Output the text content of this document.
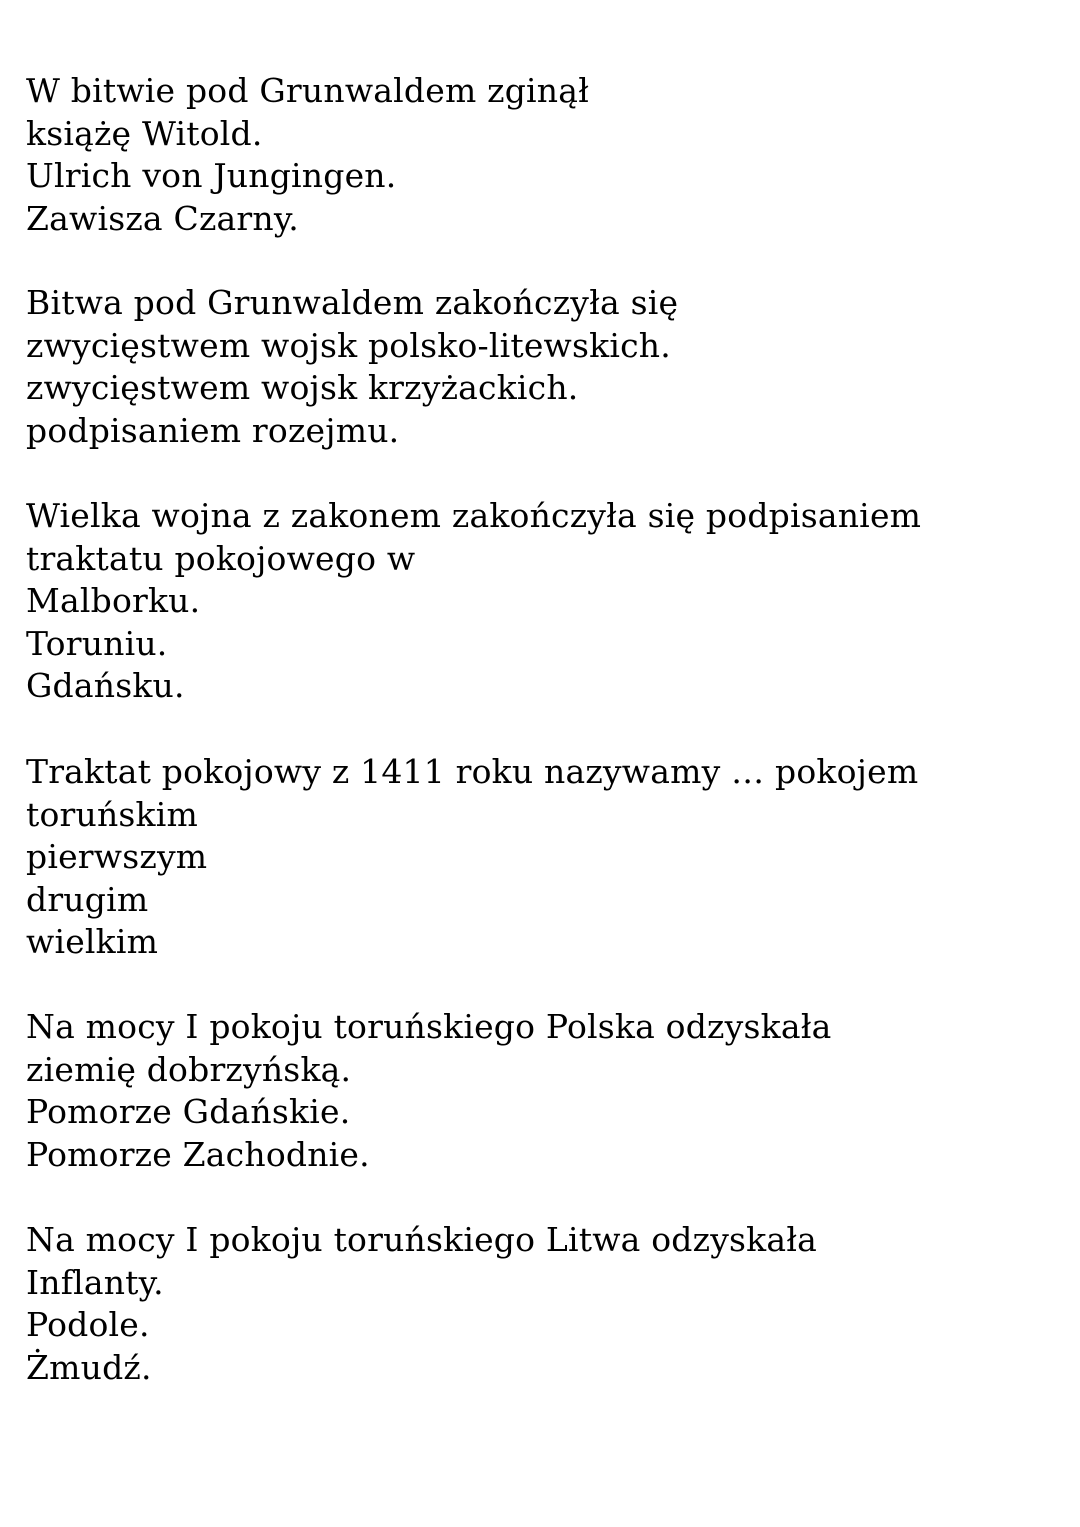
W bitwie pod Grunwaldem zginął
książę Witold.
Ulrich von Jungingen.
Zawisza Czarny.
Bitwa pod Grunwaldem zakończyła się
zwycięstwem wojsk polsko-litewskich.
zwycięstwem wojsk krzyżackich.
podpisaniem rozejmu.
Wielka wojna z zakonem zakończyła się podpisaniem
traktatu pokojowego w
Malborku.
Toruniu.
Gdańsku.
Traktat pokojowy z 1411 roku nazywamy … pokojem
toruńskim
pierwszym
drugim
wielkim
Na mocy I pokoju toruńskiego Polska odzyskała
ziemię dobrzyńską.
Pomorze Gdańskie.
Pomorze Zachodnie.
Na mocy I pokoju toruńskiego Litwa odzyskała
Inflanty.
Podole.
Żmudź.
